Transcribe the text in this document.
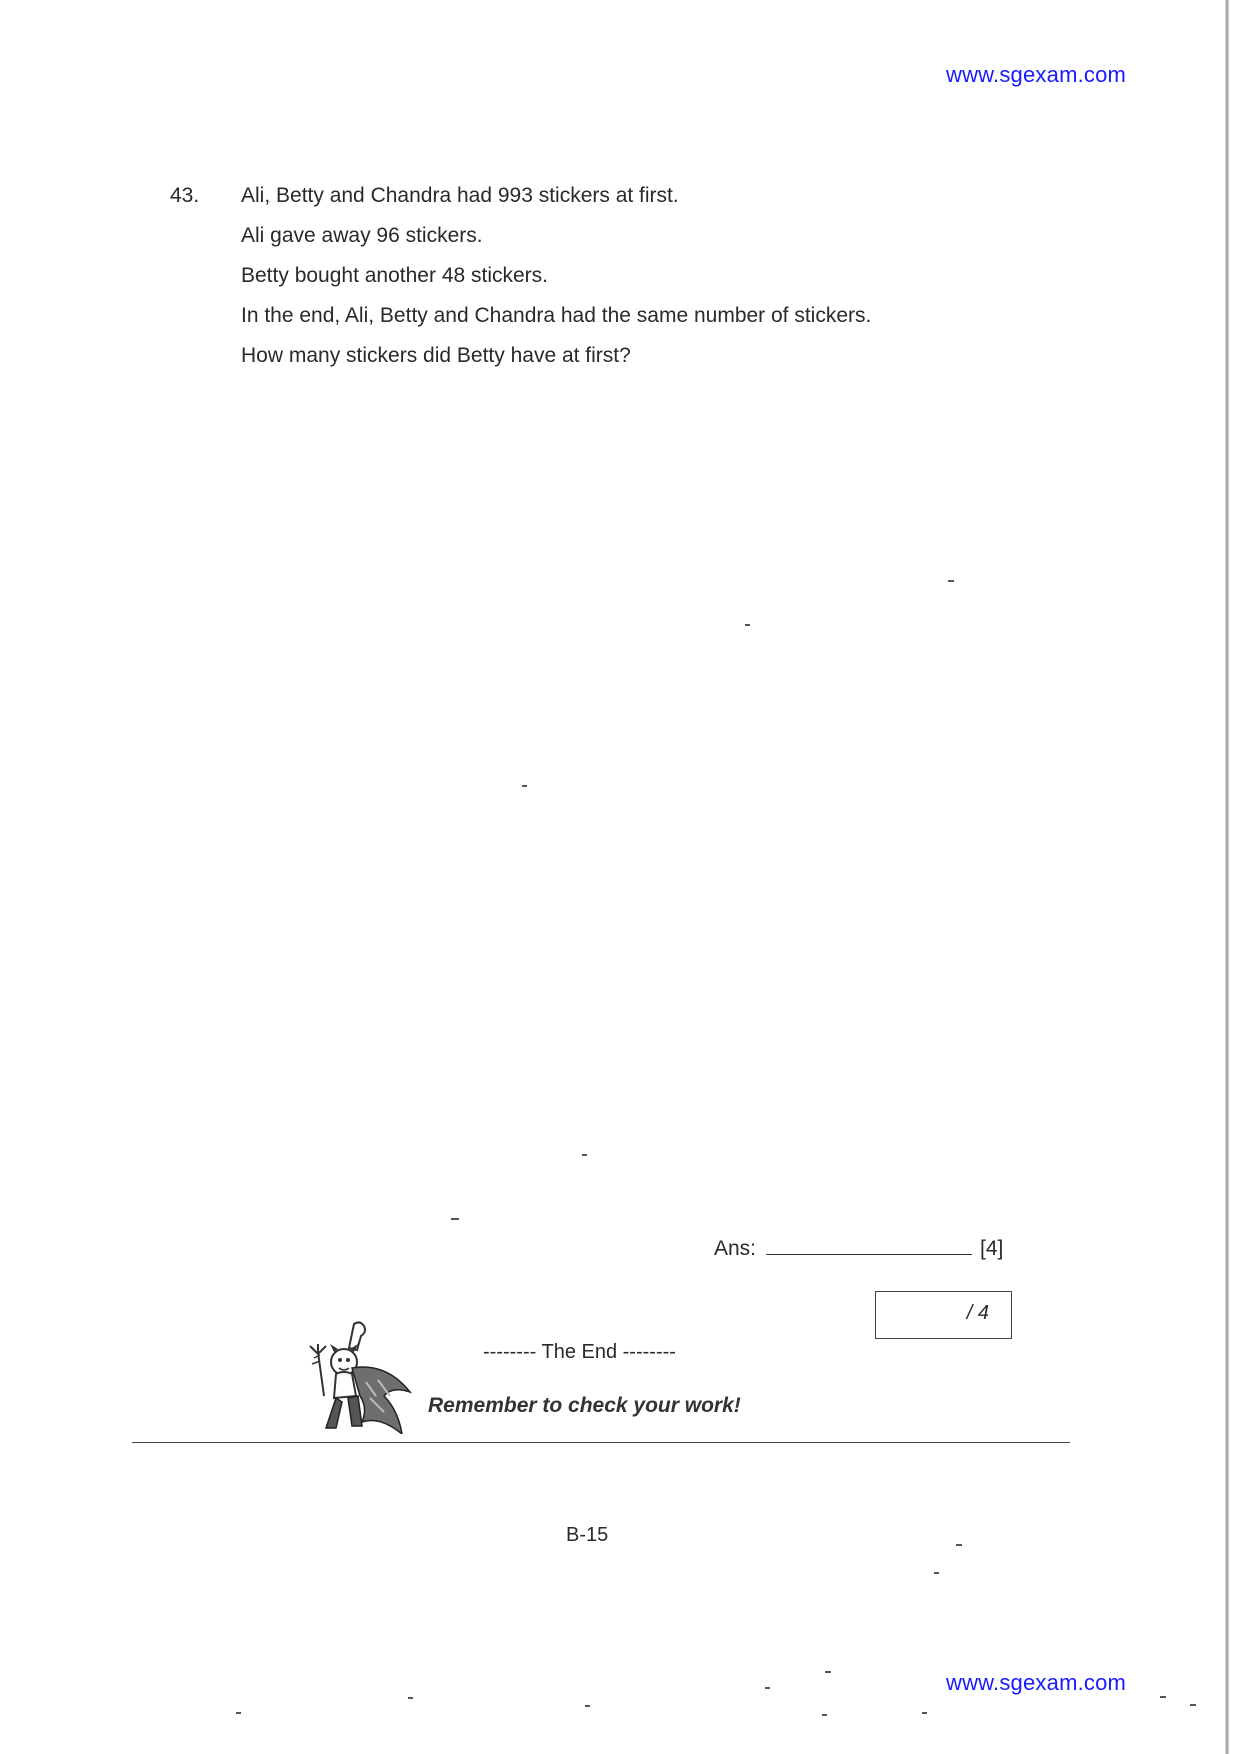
www.sgexam.com
43. Ali, Betty and Chandra had 993 stickers at first.
Ali gave away 96 stickers.
Betty bought another 48 stickers.
In the end, Ali, Betty and Chandra had the same number of stickers.
How many stickers did Betty have at first?
Ans:	[4]
/ 4
-------- The End --------
Remember to check your work!
B-15
www.sgexam.com
